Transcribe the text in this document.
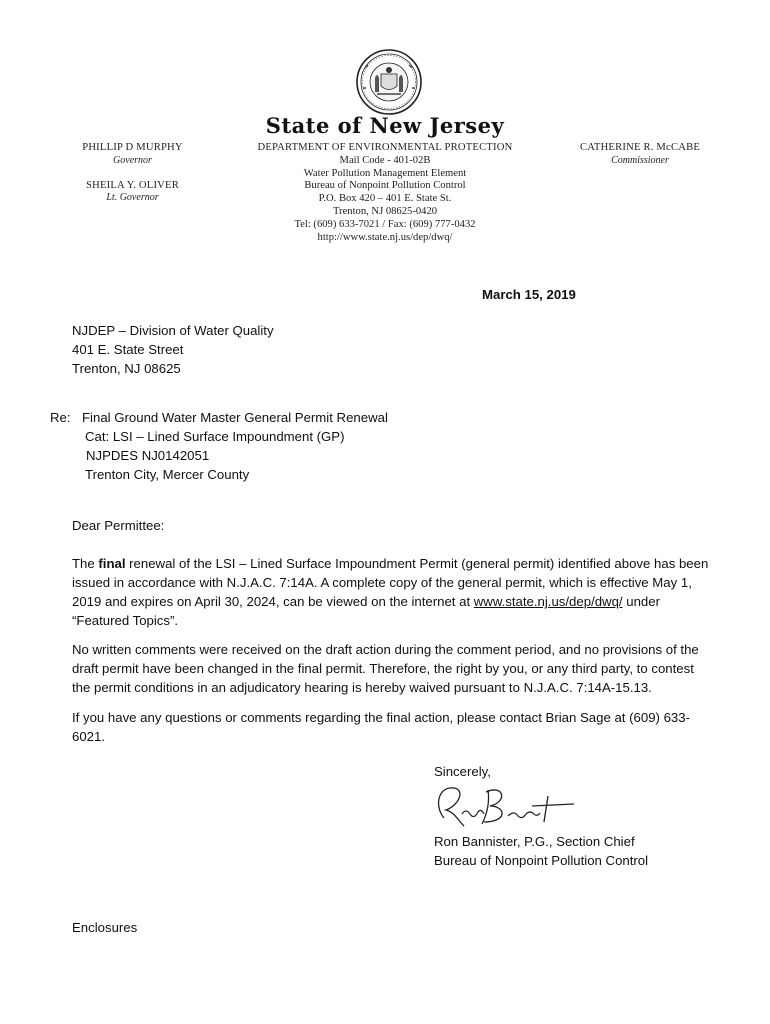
State of New Jersey
PHILLIP D MURPHY
Governor
SHEILA Y. OLIVER
Lt. Governor
DEPARTMENT OF ENVIRONMENTAL PROTECTION
Mail Code - 401-02B
Water Pollution Management Element
Bureau of Nonpoint Pollution Control
P.O. Box 420 – 401 E. State St.
Trenton, NJ 08625-0420
Tel: (609) 633-7021 / Fax: (609) 777-0432
http://www.state.nj.us/dep/dwq/
CATHERINE R. McCABE
Commissioner
March 15, 2019
NJDEP – Division of Water Quality
401 E. State Street
Trenton, NJ 08625
Re: Final Ground Water Master General Permit Renewal
Cat: LSI – Lined Surface Impoundment (GP)
NJPDES NJ0142051
Trenton City, Mercer County
Dear Permittee:
The final renewal of the LSI – Lined Surface Impoundment Permit (general permit) identified above has been issued in accordance with N.J.A.C. 7:14A. A complete copy of the general permit, which is effective May 1, 2019 and expires on April 30, 2024, can be viewed on the internet at www.state.nj.us/dep/dwq/ under “Featured Topics”.
No written comments were received on the draft action during the comment period, and no provisions of the draft permit have been changed in the final permit. Therefore, the right by you, or any third party, to contest the permit conditions in an adjudicatory hearing is hereby waived pursuant to N.J.A.C. 7:14A-15.13.
If you have any questions or comments regarding the final action, please contact Brian Sage at (609) 633-6021.
Sincerely,
Ron Bannister, P.G., Section Chief
Bureau of Nonpoint Pollution Control
Enclosures
